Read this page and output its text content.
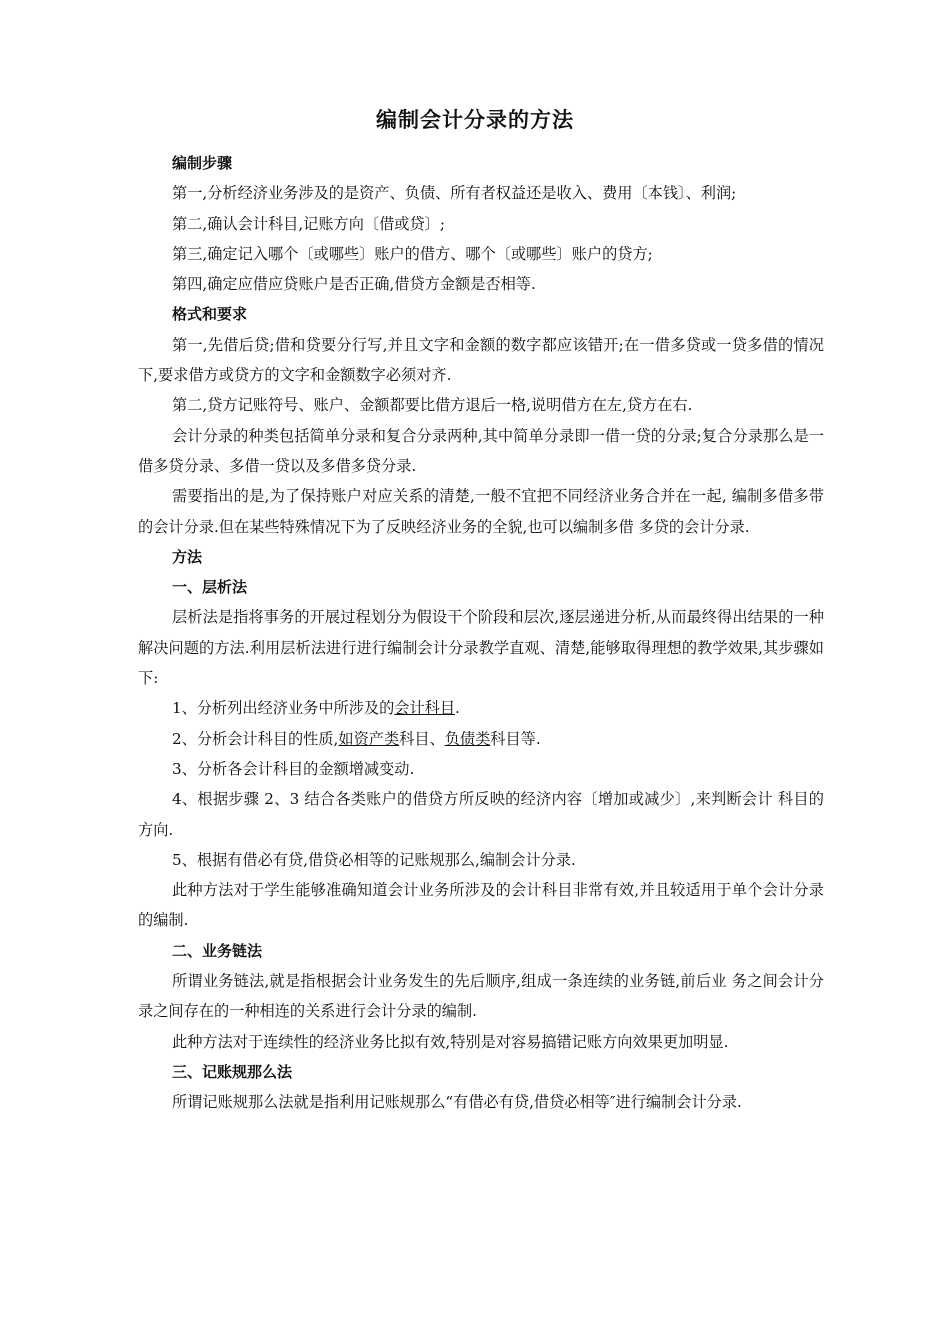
编制会计分录的方法

编制步骤

第一,分析经济业务涉及的是资产、负债、所有者权益还是收入、费用〔本钱〕、利润;

第二,确认会计科目,记账方向〔借或贷〕;

第三,确定记入哪个〔或哪些〕账户的借方、哪个〔或哪些〕账户的贷方;

第四,确定应借应贷账户是否正确,借贷方金额是否相等.

格式和要求

第一,先借后贷;借和贷要分行写,并且文字和金额的数字都应该错开;在一借多贷或一贷多借的情况下,要求借方或贷方的文字和金额数字必须对齐.

第二,贷方记账符号、账户、金额都要比借方退后一格,说明借方在左,贷方在右.

会计分录的种类包括简单分录和复合分录两种,其中简单分录即一借一贷的分录;复合分录那么是一借多贷分录、多借一贷以及多借多贷分录.

需要指出的是,为了保持账户对应关系的清楚,一般不宜把不同经济业务合并在一起, 编制多借多带的会计分录.但在某些特殊情况下为了反映经济业务的全貌,也可以编制多借 多贷的会计分录.

方法

一、层析法

层析法是指将事务的开展过程划分为假设干个阶段和层次,逐层递进分析,从而最终得出结果的一种解决问题的方法.利用层析法进行进行编制会计分录教学直观、清楚,能够取得理想的教学效果,其步骤如下:

1、分析列出经济业务中所涉及的会计科目.

2、分析会计科目的性质,如资产类科目、负债类科目等.

3、分析各会计科目的金额增减变动.

4、根据步骤 2、3 结合各类账户的借贷方所反映的经济内容〔增加或减少〕,来判断会计 科目的方向.

5、根据有借必有贷,借贷必相等的记账规那么,编制会计分录.

此种方法对于学生能够准确知道会计业务所涉及的会计科目非常有效,并且较适用于单个会计分录的编制.

二、业务链法

所谓业务链法,就是指根据会计业务发生的先后顺序,组成一条连续的业务链,前后业 务之间会计分录之间存在的一种相连的关系进行会计分录的编制.

此种方法对于连续性的经济业务比拟有效,特别是对容易搞错记账方向效果更加明显.

三、记账规那么法

所谓记账规那么法就是指利用记账规那么“有借必有贷,借贷必相等″进行编制会计分录.
